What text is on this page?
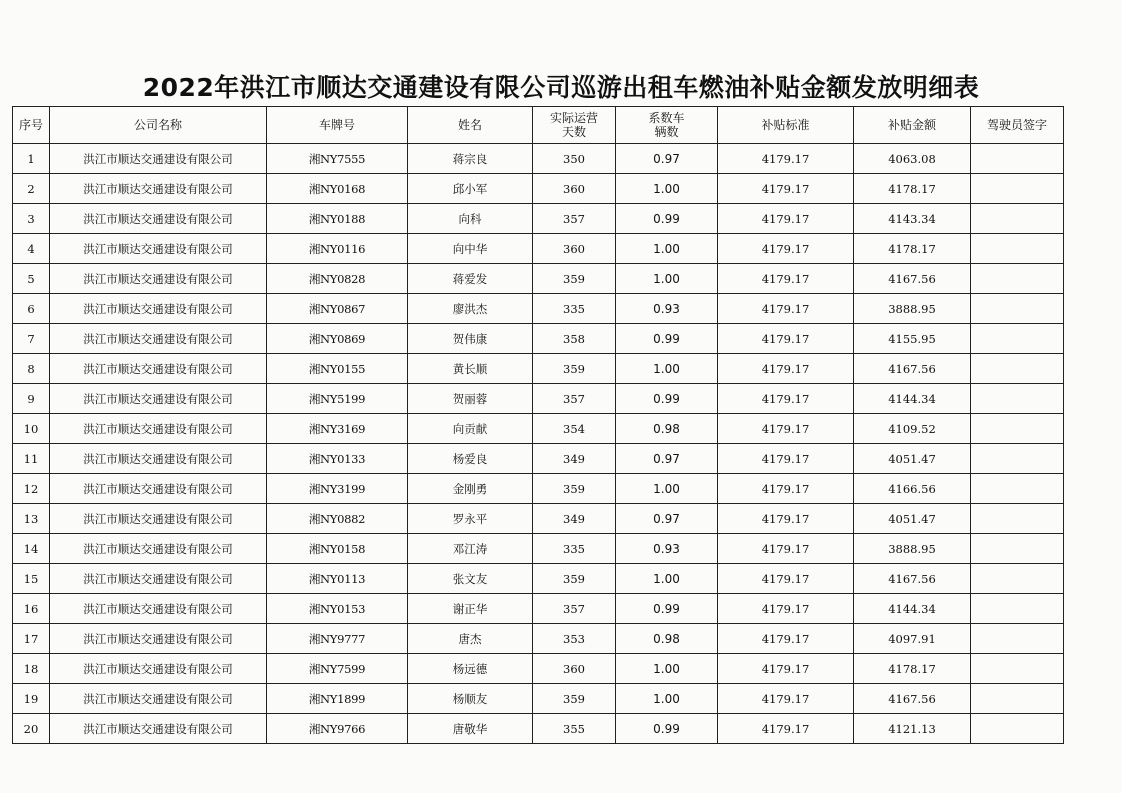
2022年洪江市顺达交通建设有限公司巡游出租车燃油补贴金额发放明细表
序号	公司名称	车牌号	姓名	实际运营天数	系数车辆数	补贴标准	补贴金额	驾驶员签字
1	洪江市顺达交通建设有限公司	湘NY7555	蒋宗良	350	0.97	4179.17	4063.08	
2	洪江市顺达交通建设有限公司	湘NY0168	邱小军	360	1.00	4179.17	4178.17	
3	洪江市顺达交通建设有限公司	湘NY0188	向科	357	0.99	4179.17	4143.34	
4	洪江市顺达交通建设有限公司	湘NY0116	向中华	360	1.00	4179.17	4178.17	
5	洪江市顺达交通建设有限公司	湘NY0828	蒋爱发	359	1.00	4179.17	4167.56	
6	洪江市顺达交通建设有限公司	湘NY0867	廖洪杰	335	0.93	4179.17	3888.95	
7	洪江市顺达交通建设有限公司	湘NY0869	贺伟康	358	0.99	4179.17	4155.95	
8	洪江市顺达交通建设有限公司	湘NY0155	黄长顺	359	1.00	4179.17	4167.56	
9	洪江市顺达交通建设有限公司	湘NY5199	贺丽蓉	357	0.99	4179.17	4144.34	
10	洪江市顺达交通建设有限公司	湘NY3169	向贡献	354	0.98	4179.17	4109.52	
11	洪江市顺达交通建设有限公司	湘NY0133	杨爱良	349	0.97	4179.17	4051.47	
12	洪江市顺达交通建设有限公司	湘NY3199	金刚勇	359	1.00	4179.17	4166.56	
13	洪江市顺达交通建设有限公司	湘NY0882	罗永平	349	0.97	4179.17	4051.47	
14	洪江市顺达交通建设有限公司	湘NY0158	邓江涛	335	0.93	4179.17	3888.95	
15	洪江市顺达交通建设有限公司	湘NY0113	张文友	359	1.00	4179.17	4167.56	
16	洪江市顺达交通建设有限公司	湘NY0153	谢正华	357	0.99	4179.17	4144.34	
17	洪江市顺达交通建设有限公司	湘NY9777	唐杰	353	0.98	4179.17	4097.91	
18	洪江市顺达交通建设有限公司	湘NY7599	杨远德	360	1.00	4179.17	4178.17	
19	洪江市顺达交通建设有限公司	湘NY1899	杨顺友	359	1.00	4179.17	4167.56	
20	洪江市顺达交通建设有限公司	湘NY9766	唐敬华	355	0.99	4179.17	4121.13	
